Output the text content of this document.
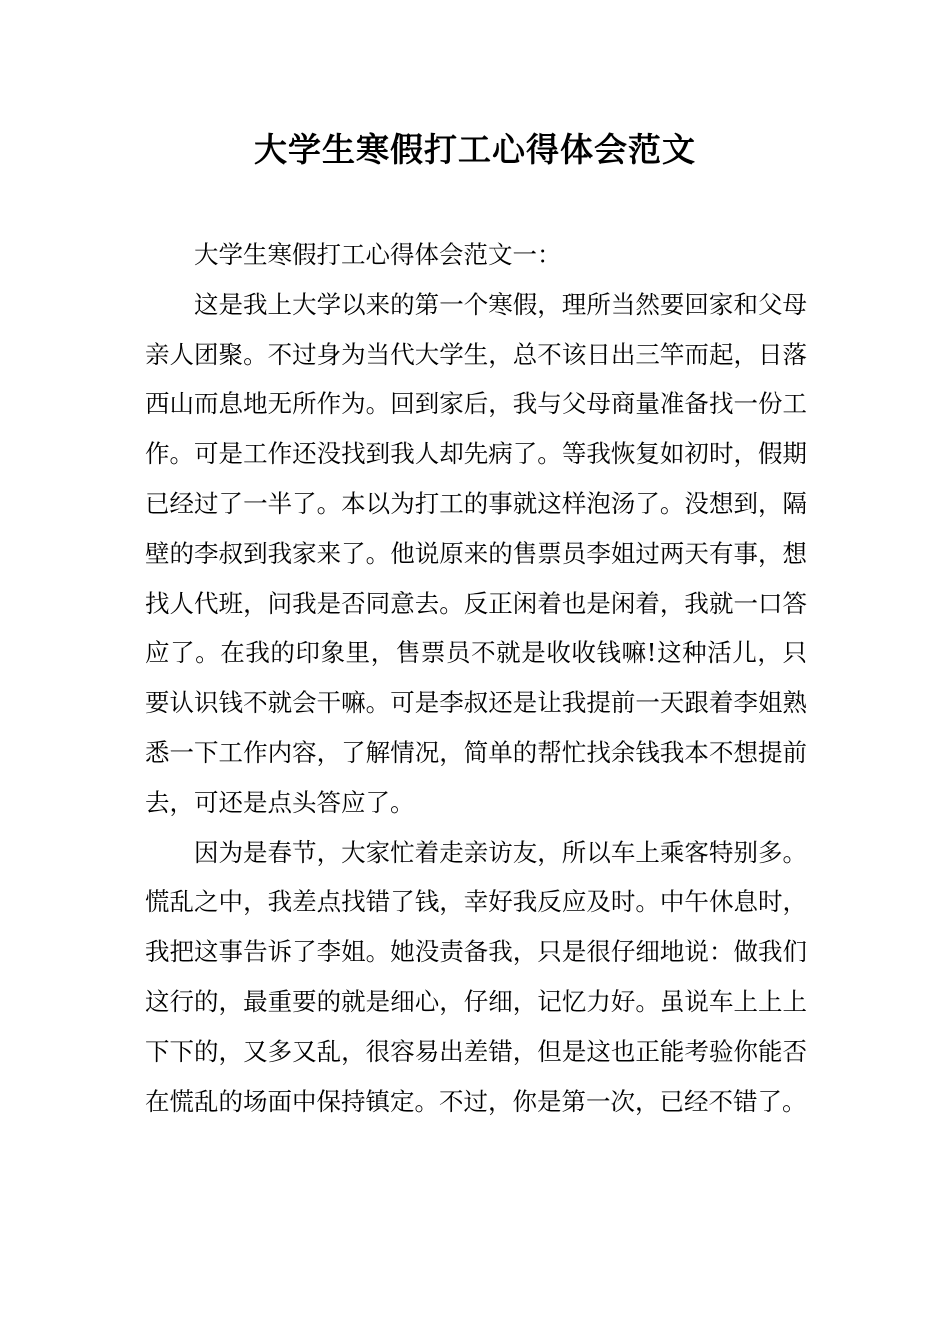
大学生寒假打工心得体会范文

大学生寒假打工心得体会范文一：

这是我上大学以来的第一个寒假，理所当然要回家和父母亲人团聚。不过身为当代大学生，总不该日出三竿而起，日落西山而息地无所作为。回到家后，我与父母商量准备找一份工作。可是工作还没找到我人却先病了。等我恢复如初时，假期已经过了一半了。本以为打工的事就这样泡汤了。没想到，隔壁的李叔到我家来了。他说原来的售票员李姐过两天有事，想找人代班，问我是否同意去。反正闲着也是闲着，我就一口答应了。在我的印象里，售票员不就是收收钱嘛!这种活儿，只要认识钱不就会干嘛。可是李叔还是让我提前一天跟着李姐熟悉一下工作内容，了解情况，简单的帮忙找余钱我本不想提前去，可还是点头答应了。

因为是春节，大家忙着走亲访友，所以车上乘客特别多。慌乱之中，我差点找错了钱，幸好我反应及时。中午休息时，我把这事告诉了李姐。她没责备我，只是很仔细地说：做我们这行的，最重要的就是细心，仔细，记忆力好。虽说车上上上下下的，又多又乱，很容易出差错，但是这也正能考验你能否在慌乱的场面中保持镇定。不过，你是第一次，已经不错了。
